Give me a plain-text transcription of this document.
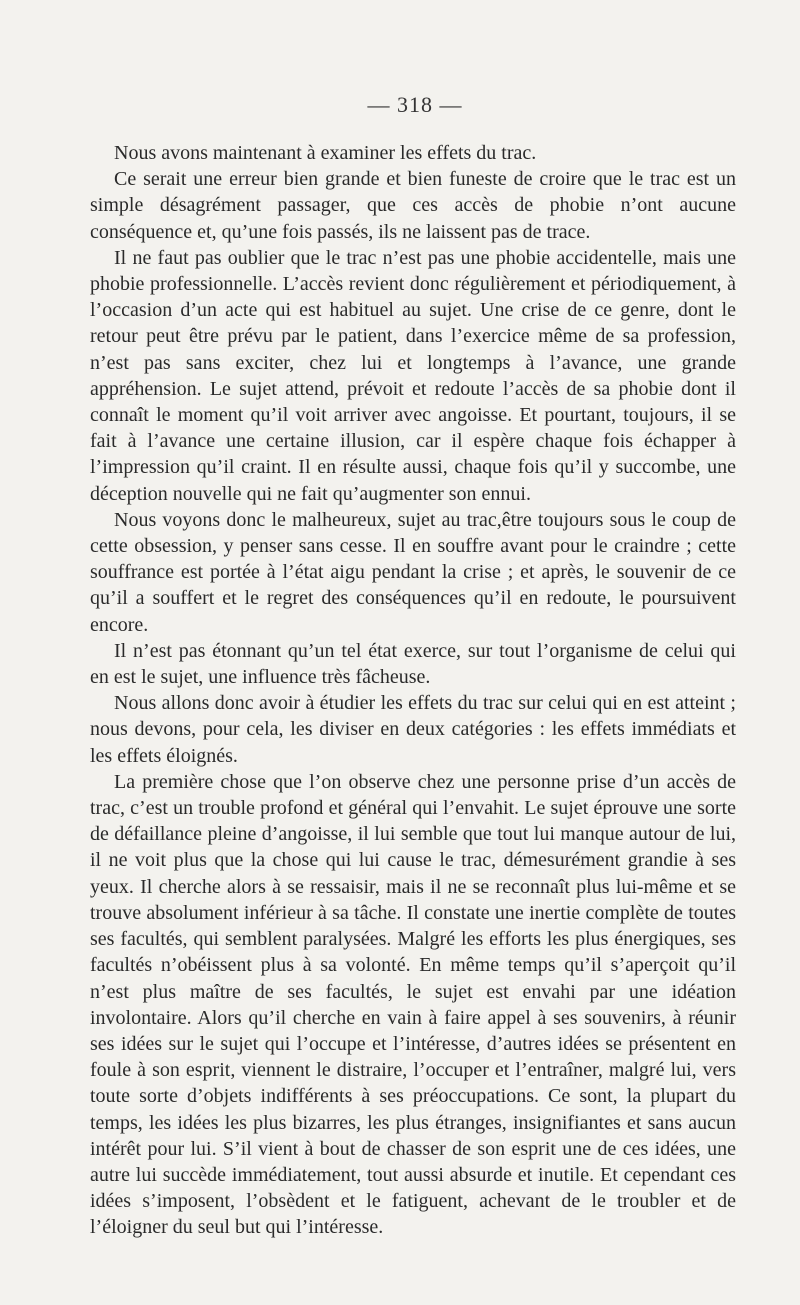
— 318 —

Nous avons maintenant à examiner les effets du trac.

Ce serait une erreur bien grande et bien funeste de croire que le trac est un simple désagrément passager, que ces accès de phobie n’ont aucune conséquence et, qu’une fois passés, ils ne laissent pas de trace.

Il ne faut pas oublier que le trac n’est pas une phobie accidentelle, mais une phobie professionnelle. L’accès revient donc régulièrement et périodiquement, à l’occasion d’un acte qui est habituel au sujet. Une crise de ce genre, dont le retour peut être prévu par le patient, dans l’exercice même de sa profession, n’est pas sans exciter, chez lui et longtemps à l’avance, une grande appréhension. Le sujet attend, prévoit et redoute l’accès de sa phobie dont il connaît le moment qu’il voit arriver avec angoisse. Et pourtant, toujours, il se fait à l’avance une certaine illusion, car il espère chaque fois échapper à l’impression qu’il craint. Il en résulte aussi, chaque fois qu’il y succombe, une déception nouvelle qui ne fait qu’augmenter son ennui.

Nous voyons donc le malheureux, sujet au trac,être toujours sous le coup de cette obsession, y penser sans cesse. Il en souffre avant pour le craindre ; cette souffrance est portée à l’état aigu pendant la crise ; et après, le souvenir de ce qu’il a souffert et le regret des conséquences qu’il en redoute, le poursuivent encore.

Il n’est pas étonnant qu’un tel état exerce, sur tout l’organisme de celui qui en est le sujet, une influence très fâcheuse.

Nous allons donc avoir à étudier les effets du trac sur celui qui en est atteint ; nous devons, pour cela, les diviser en deux catégories : les effets immédiats et les effets éloignés.

La première chose que l’on observe chez une personne prise d’un accès de trac, c’est un trouble profond et général qui l’envahit. Le sujet éprouve une sorte de défaillance pleine d’angoisse, il lui semble que tout lui manque autour de lui, il ne voit plus que la chose qui lui cause le trac, démesurément grandie à ses yeux. Il cherche alors à se ressaisir, mais il ne se reconnaît plus lui-même et se trouve absolument inférieur à sa tâche. Il constate une inertie complète de toutes ses facultés, qui semblent paralysées. Malgré les efforts les plus énergiques, ses facultés n’obéissent plus à sa volonté. En même temps qu’il s’aperçoit qu’il n’est plus maître de ses facultés, le sujet est envahi par une idéation involontaire. Alors qu’il cherche en vain à faire appel à ses souvenirs, à réunir ses idées sur le sujet qui l’occupe et l’intéresse, d’autres idées se présentent en foule à son esprit, viennent le distraire, l’occuper et l’entraîner, malgré lui, vers toute sorte d’objets indifférents à ses préoccupations. Ce sont, la plupart du temps, les idées les plus bizarres, les plus étranges, insignifiantes et sans aucun intérêt pour lui. S’il vient à bout de chasser de son esprit une de ces idées, une autre lui succède immédiatement, tout aussi absurde et inutile. Et cependant ces idées s’imposent, l’obsèdent et le fatiguent, achevant de le troubler et de l’éloigner du seul but qui l’intéresse.
